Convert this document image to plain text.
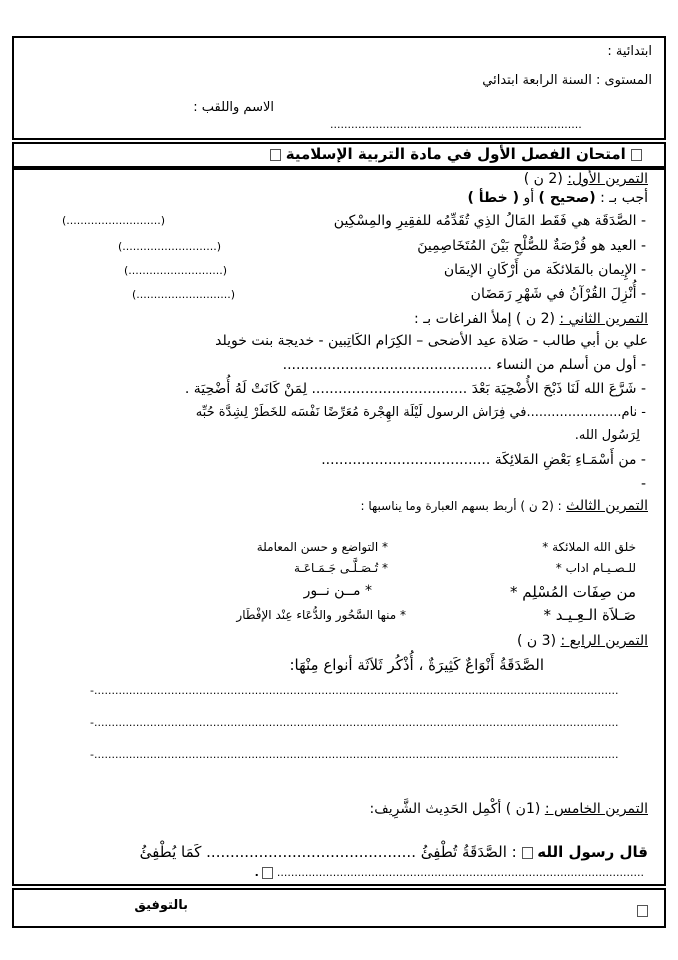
ابتدائية :
المستوى : السنة الرابعة ابتدائي
الاسم واللقب :
........................................................................
امتحان الفصل الأول في مادة التربية الإسلامية
التمرين الأول: (2 ن )
أجب بـ : (صحيح ) أو ( خطأ )
- الصَّدَقَة هي فَقَط المَالُ الذِي تُقَدِّمُه للفقِيرِ والمِسْكِين
(...........................)
- العيد هو فُرْصَةٌ للصُّلْحِ بَيْنَ المُتَخَاصِمِينَ
(...........................)
- الإِيمان بالمَلائكَة من أَرْكَانِ الإيمَان
(...........................)
- أُنْزِلَ القُرْآنُ في شَهْرِ رَمَضَان
(...........................)
التمرين الثاني : (2 ن ) إملأ الفراغات بـ :
علي بن أبي طالب - صَلاة عيد الأضحى – الكِرَام الكَاتِبين - خديجة بنت خويلد
- أول من أسلم من النساء ...............................................
- شَرَّعَ الله لَنَا ذَبْحَ الأُضْحِيَة بَعْدَ ................................... لِمَنْ كَانَتْ لَهُ أُضْحِيَة .
- نام.......................في فِرَاش الرسول لَيْلَة الهِجْرة مُعَرِّضًا نَفْسَه للخَطَرْ لِشِدَّة حُبِّه
لِرَسُول الله.
- من أَسْمَـاءِ بَعْضِ المَلائِكَة ......................................
-
التمرين الثالث : (2 ن ) أربط بسهم العبارة وما يناسبها :
خلق الله الملائكة *
للـصـيـام اداب *
من صِفَات المُسْلِم *
صَـلاَة الـعِـيـد *
* التواضع و حسن المعاملة
* تُـصَـلَّـى جَـمَـاعَـة
* مــن نــور
* منها السَّحُور والدُّعَاء عِنْد الإفْطَار
التمرين الرابع : (3 ن )
الصَّدَقَةُ أَنْوَاعٌ كَثِيرَةٌ ، أُذْكُر ثَلاَثَة أنواع مِنْهَا:
-......................................................................................................................................................
-......................................................................................................................................................
-......................................................................................................................................................
التمرين الخامس : (1ن ) أكْمِل الحَدِيث الشَّرِيف:
قال رسول الله  : الصَّدَقَةُ تُطْفِئُ ............................................ كَمَا يُطْفِئُ
.........................................................................................................  .
بالتوفيق
